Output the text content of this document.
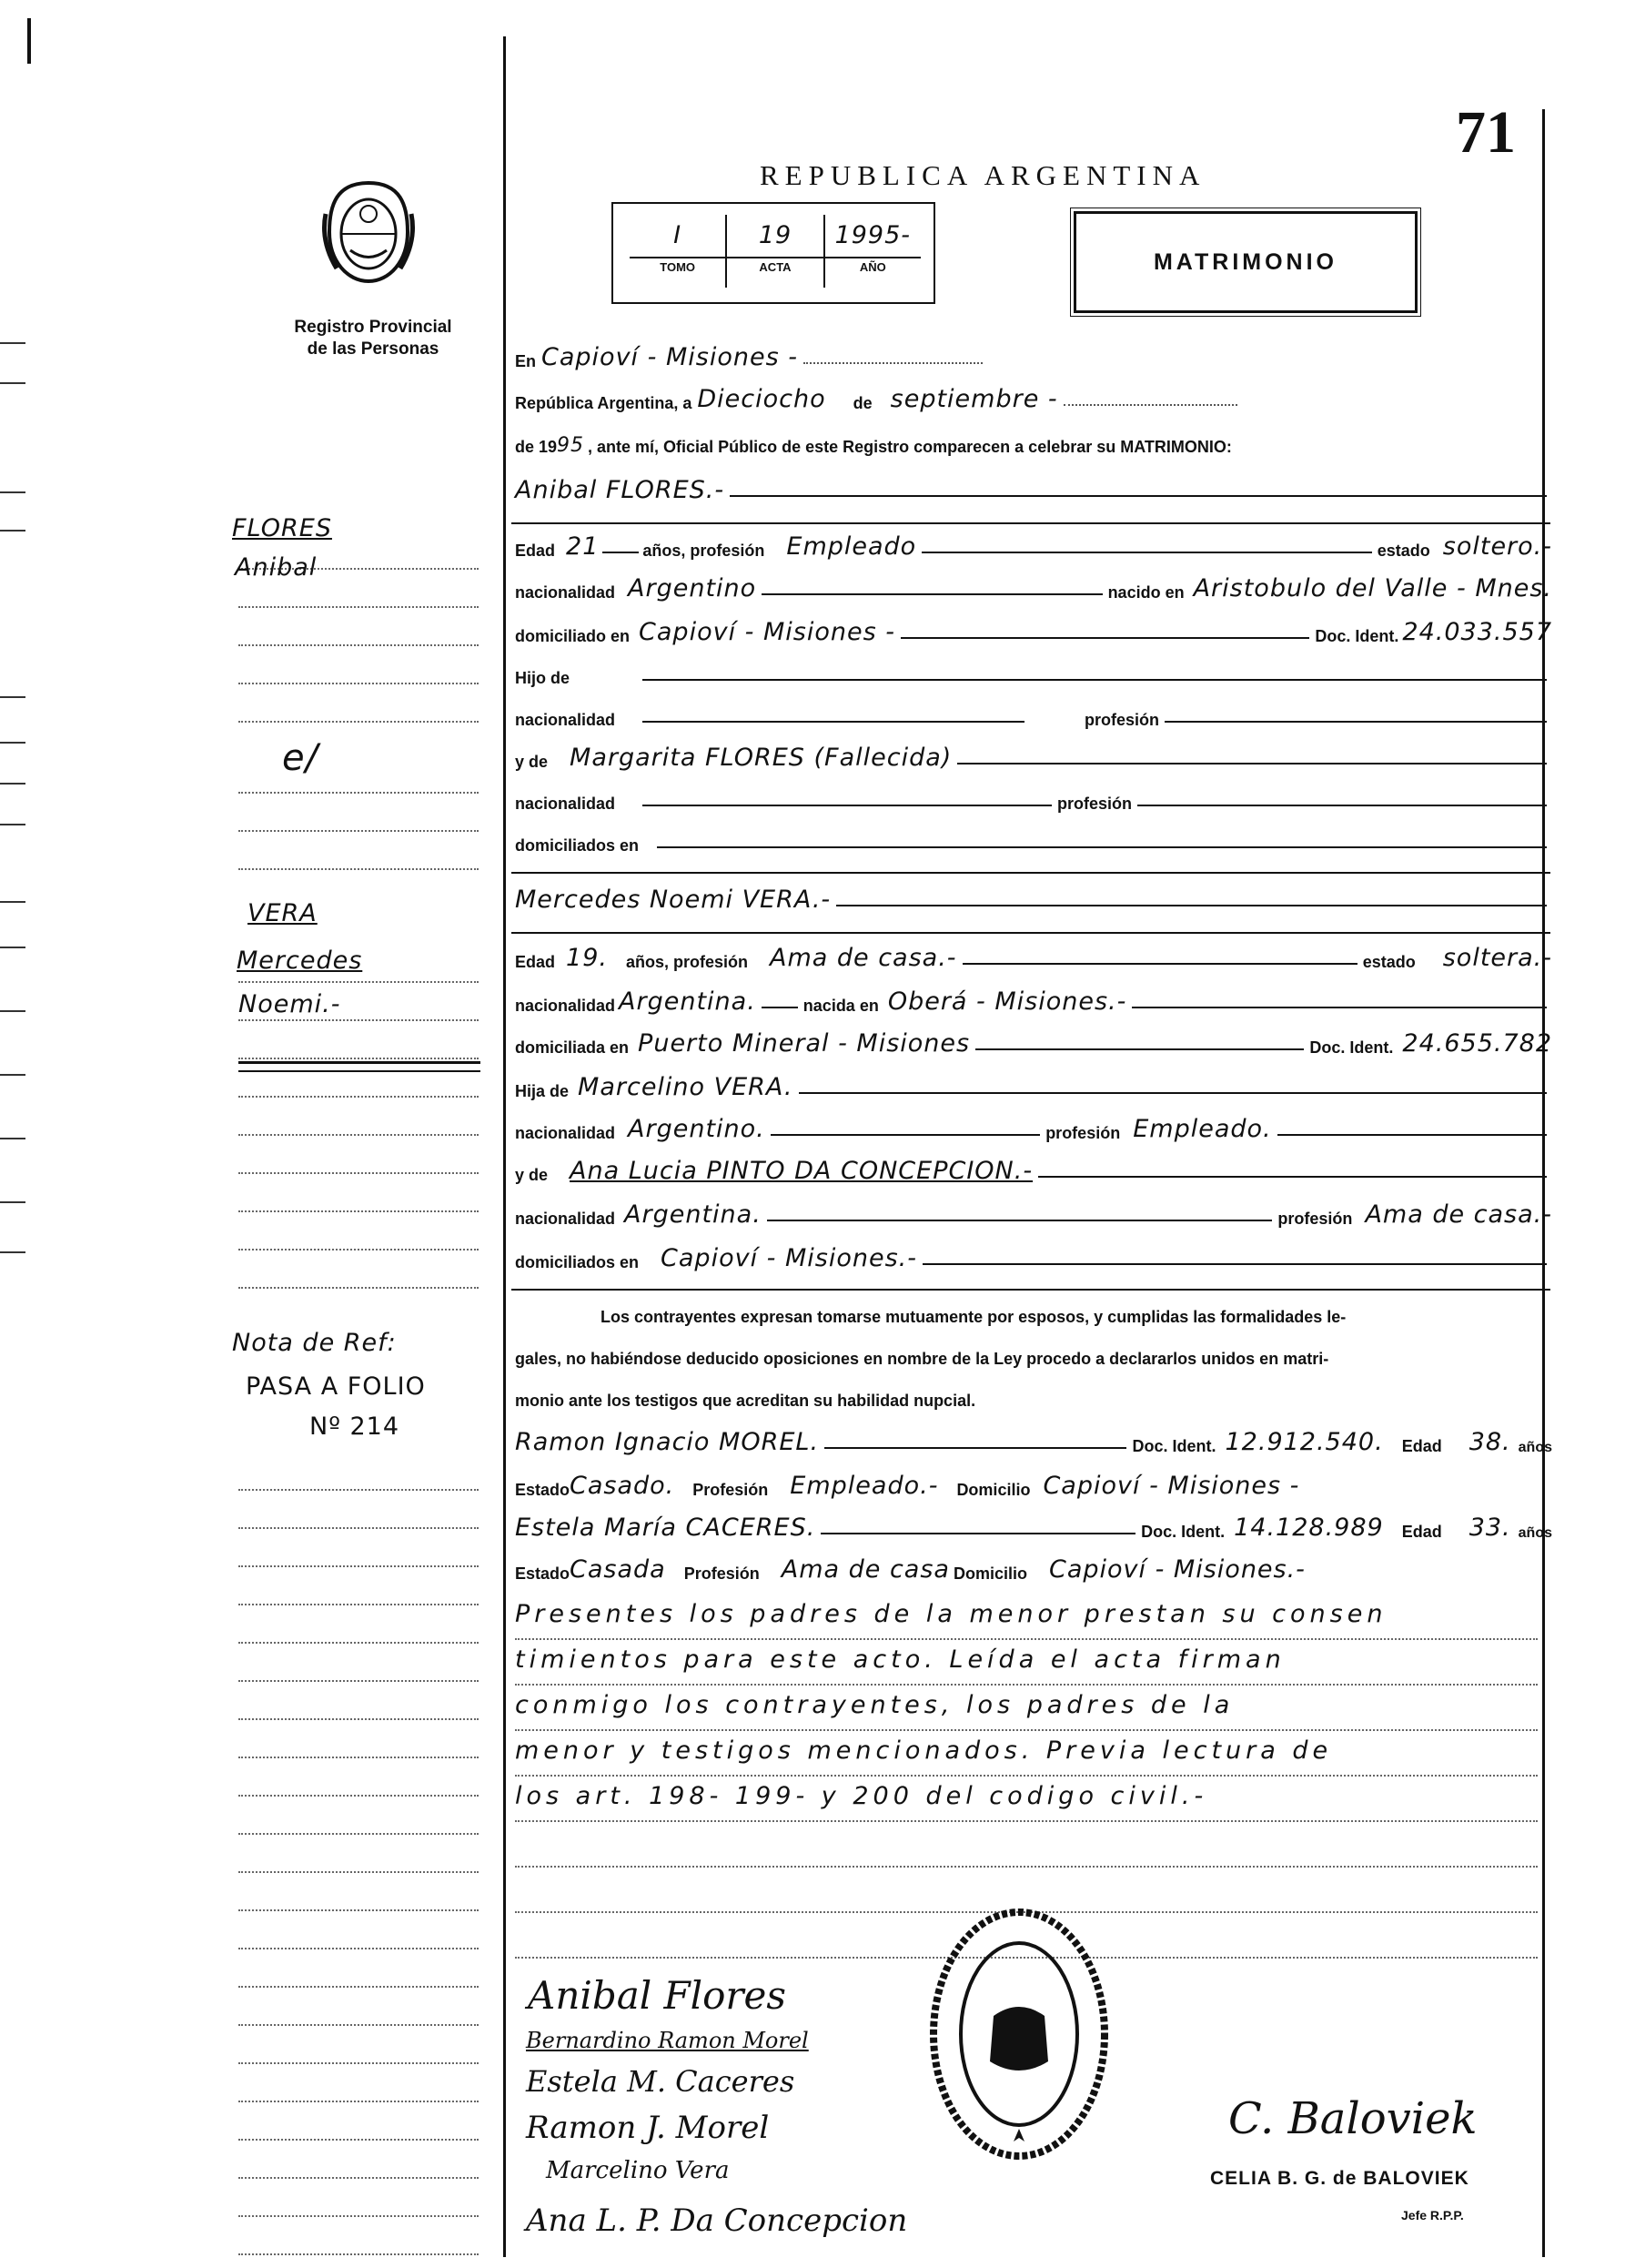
71
REPUBLICA ARGENTINA
Registro Provincial
de las Personas
I
TOMO
19
ACTA
1995-
AÑO	MATRIMONIO
FLORES
Anibal
e/
VERA
Mercedes
Noemi.-
Nota de Ref:
PASA A FOLIO
Nº 214
En Capioví - Misiones -
República Argentina, a Dieciocho de septiembre -
de 19 95 , ante mí, Oficial Público de este Registro comparecen a celebrar su MATRIMONIO:
Anibal FLORES.-
Edad 21	años, profesión Empleado	estado soltero.-
nacionalidad Argentino	nacido en Aristobulo del Valle - Mnes.
domiciliado en Capioví - Misiones -	Doc. Ident. 24.033.557
Hijo de
nacionalidad	profesión
y de Margarita FLORES (Fallecida)
nacionalidad	profesión
domiciliados en
Mercedes Noemi VERA.-
Edad 19. años, profesión Ama de casa.-	estado soltera.-
nacionalidad Argentina.	nacida en Oberá - Misiones.-
domiciliada en Puerto Mineral - Misiones	Doc. Ident. 24.655.782
Hija de Marcelino VERA.
nacionalidad Argentino.	profesión Empleado.
y de Ana Lucia PINTO DA CONCEPCION.-
nacionalidad Argentina.	profesión Ama de casa.-
domiciliados en Capioví - Misiones.-
Los contrayentes expresan tomarse mutuamente por esposos, y cumplidas las formalidades le-
gales, no habiéndose deducido oposiciones en nombre de la Ley procedo a declararlos unidos en matri-
monio ante los testigos que acreditan su habilidad nupcial.
Ramon Ignacio MOREL.	Doc. Ident. 12.912.540. Edad 38. años
Estado Casado. Profesión Empleado.- Domicilio Capioví - Misiones -
Estela María CACERES.	Doc. Ident. 14.128.989 Edad 33. años
Estado Casada Profesión Ama de casa Domicilio Capioví - Misiones.-
Presentes los padres de la menor prestan su consen
timientos para este acto. Leída el acta firman
conmigo los contrayentes, los padres de la
menor y testigos mencionados. Previa lectura de
los art. 198- 199- y 200 del codigo civil.-
Anibal Flores
Bernardino Ramon Morel
Estela M. Caceres
Ramon J. Morel
Marcelino Vera
Ana L. P. Da Concepcion
C. Baloviek
CELIA B. G. de BALOVIEK
Jefe R.P.P.
